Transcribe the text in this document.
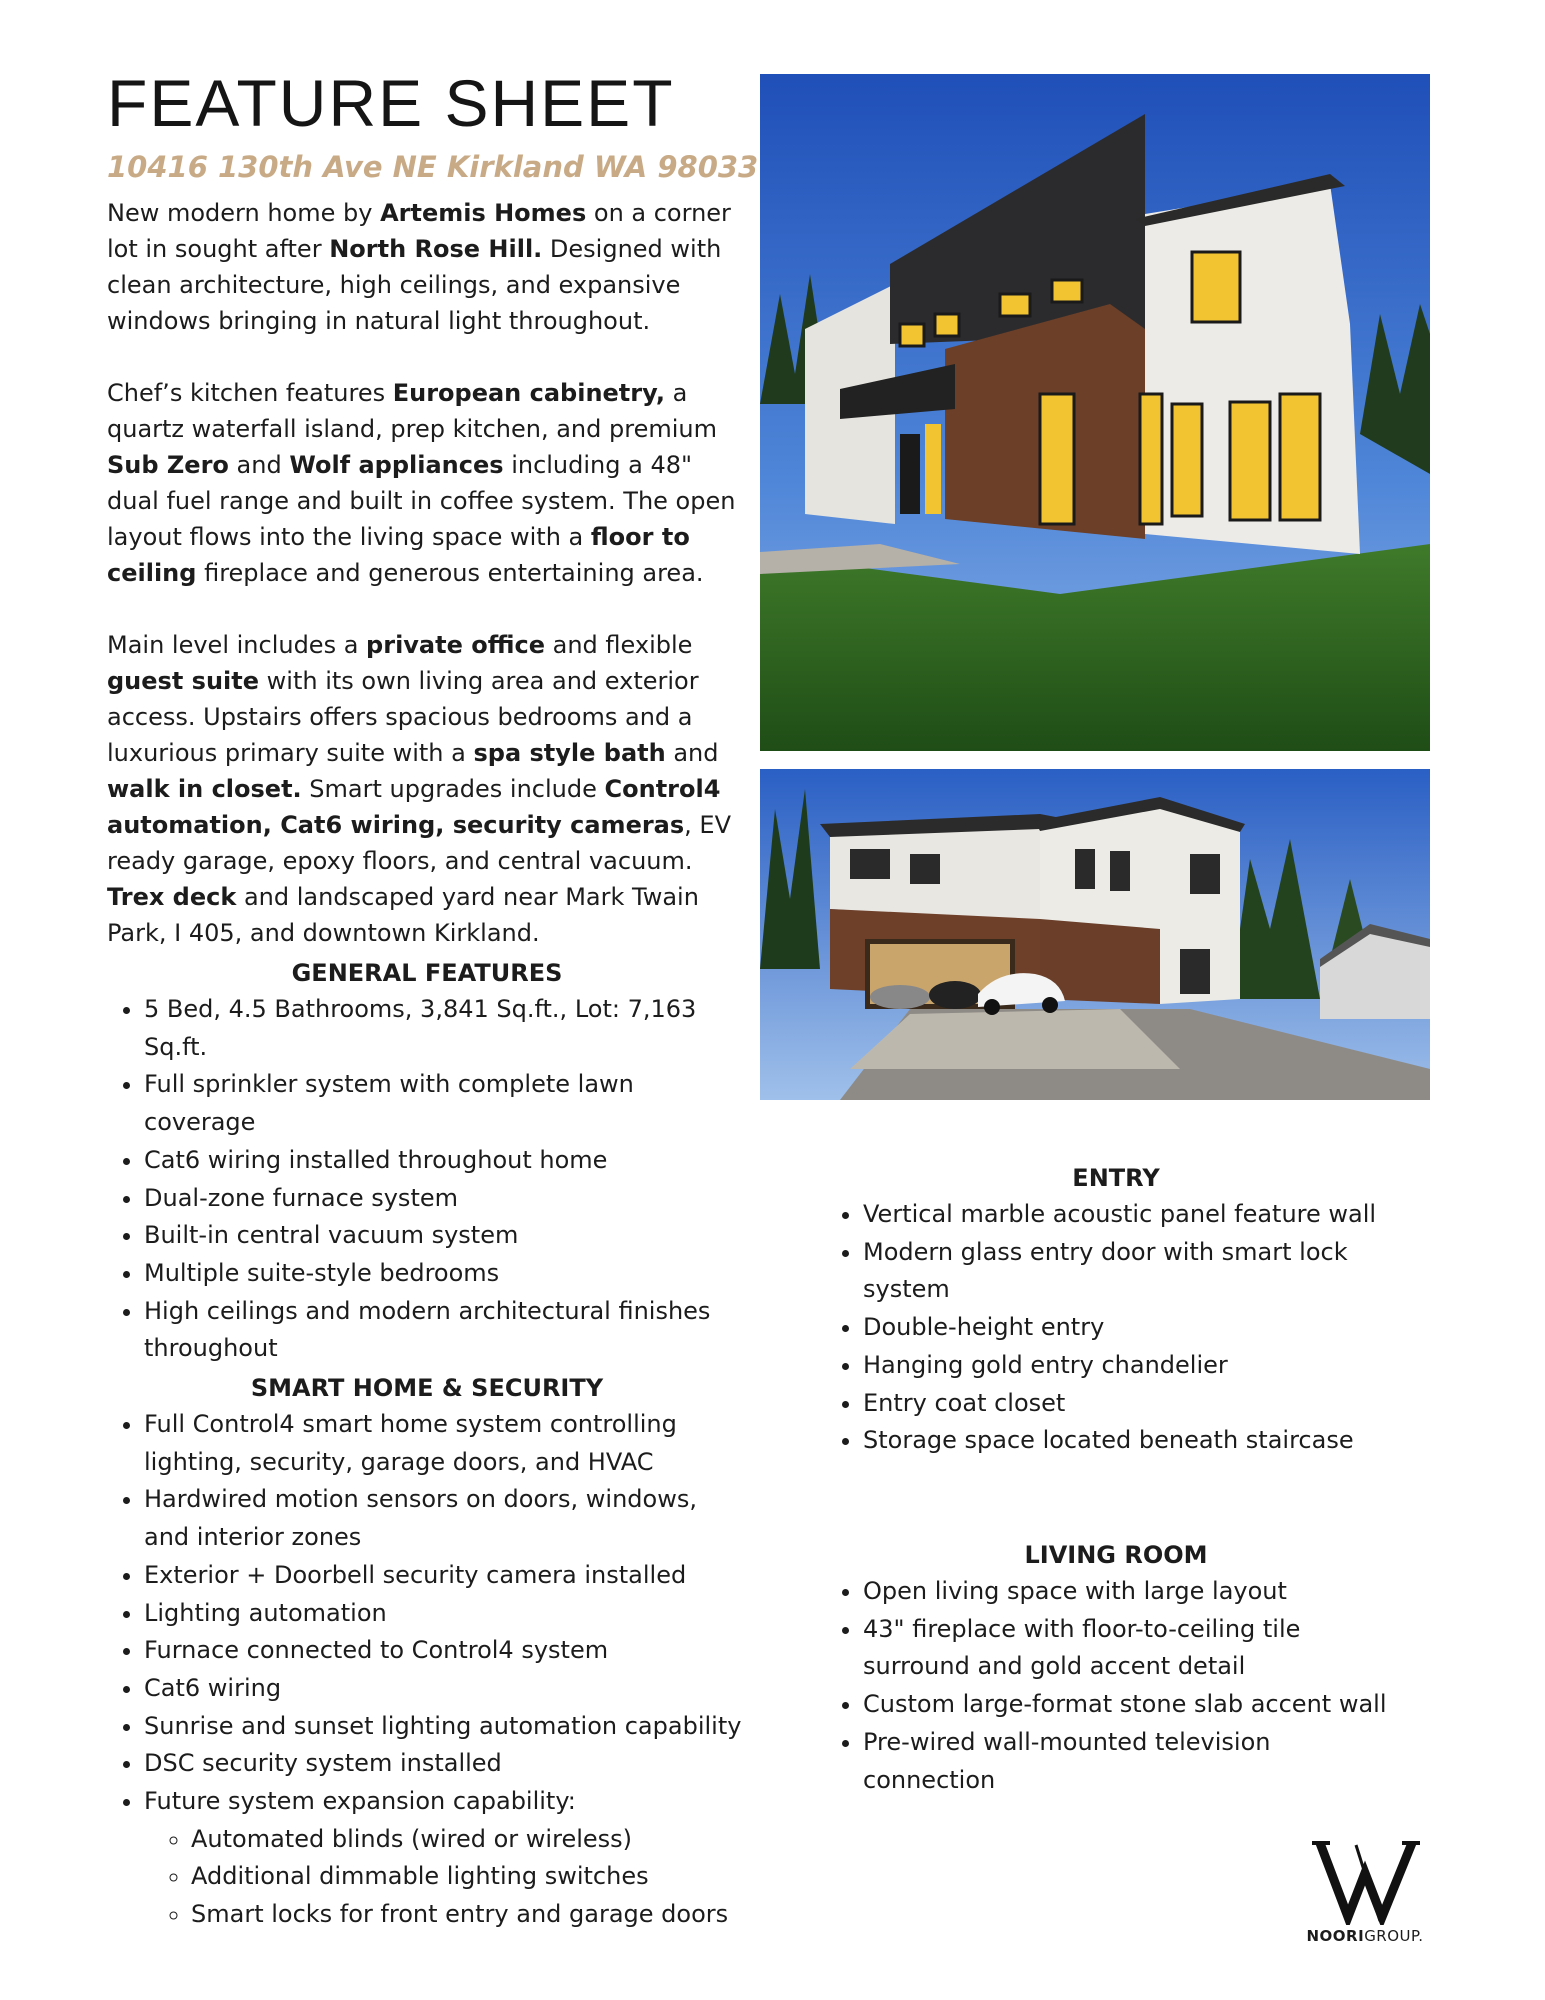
FEATURE SHEET
10416 130th Ave NE Kirkland WA 98033

New modern home by Artemis Homes on a corner lot in sought after North Rose Hill. Designed with clean architecture, high ceilings, and expansive windows bringing in natural light throughout.

Chef’s kitchen features European cabinetry, a quartz waterfall island, prep kitchen, and premium Sub Zero and Wolf appliances including a 48" dual fuel range and built in coffee system. The open layout flows into the living space with a floor to ceiling fireplace and generous entertaining area.

Main level includes a private office and flexible guest suite with its own living area and exterior access. Upstairs offers spacious bedrooms and a luxurious primary suite with a spa style bath and walk in closet. Smart upgrades include Control4 automation, Cat6 wiring, security cameras, EV ready garage, epoxy floors, and central vacuum. Trex deck and landscaped yard near Mark Twain Park, I 405, and downtown Kirkland.

GENERAL FEATURES
• 5 Bed, 4.5 Bathrooms, 3,841 Sq.ft., Lot: 7,163 Sq.ft.
• Full sprinkler system with complete lawn coverage
• Cat6 wiring installed throughout home
• Dual-zone furnace system
• Built-in central vacuum system
• Multiple suite-style bedrooms
• High ceilings and modern architectural finishes throughout
SMART HOME & SECURITY
• Full Control4 smart home system controlling lighting, security, garage doors, and HVAC
• Hardwired motion sensors on doors, windows, and interior zones
• Exterior + Doorbell security camera installed
• Lighting automation
• Furnace connected to Control4 system
• Cat6 wiring
• Sunrise and sunset lighting automation capability
• DSC security system installed
• Future system expansion capability:
◦ Automated blinds (wired or wireless)
◦ Additional dimmable lighting switches
◦ Smart locks for front entry and garage doors
ENTRY
• Vertical marble acoustic panel feature wall
• Modern glass entry door with smart lock system
• Double-height entry
• Hanging gold entry chandelier
• Entry coat closet
• Storage space located beneath staircase
LIVING ROOM
• Open living space with large layout
• 43" fireplace with floor-to-ceiling tile surround and gold accent detail
• Custom large-format stone slab accent wall
• Pre-wired wall-mounted television connection
NOORIGROUP.
